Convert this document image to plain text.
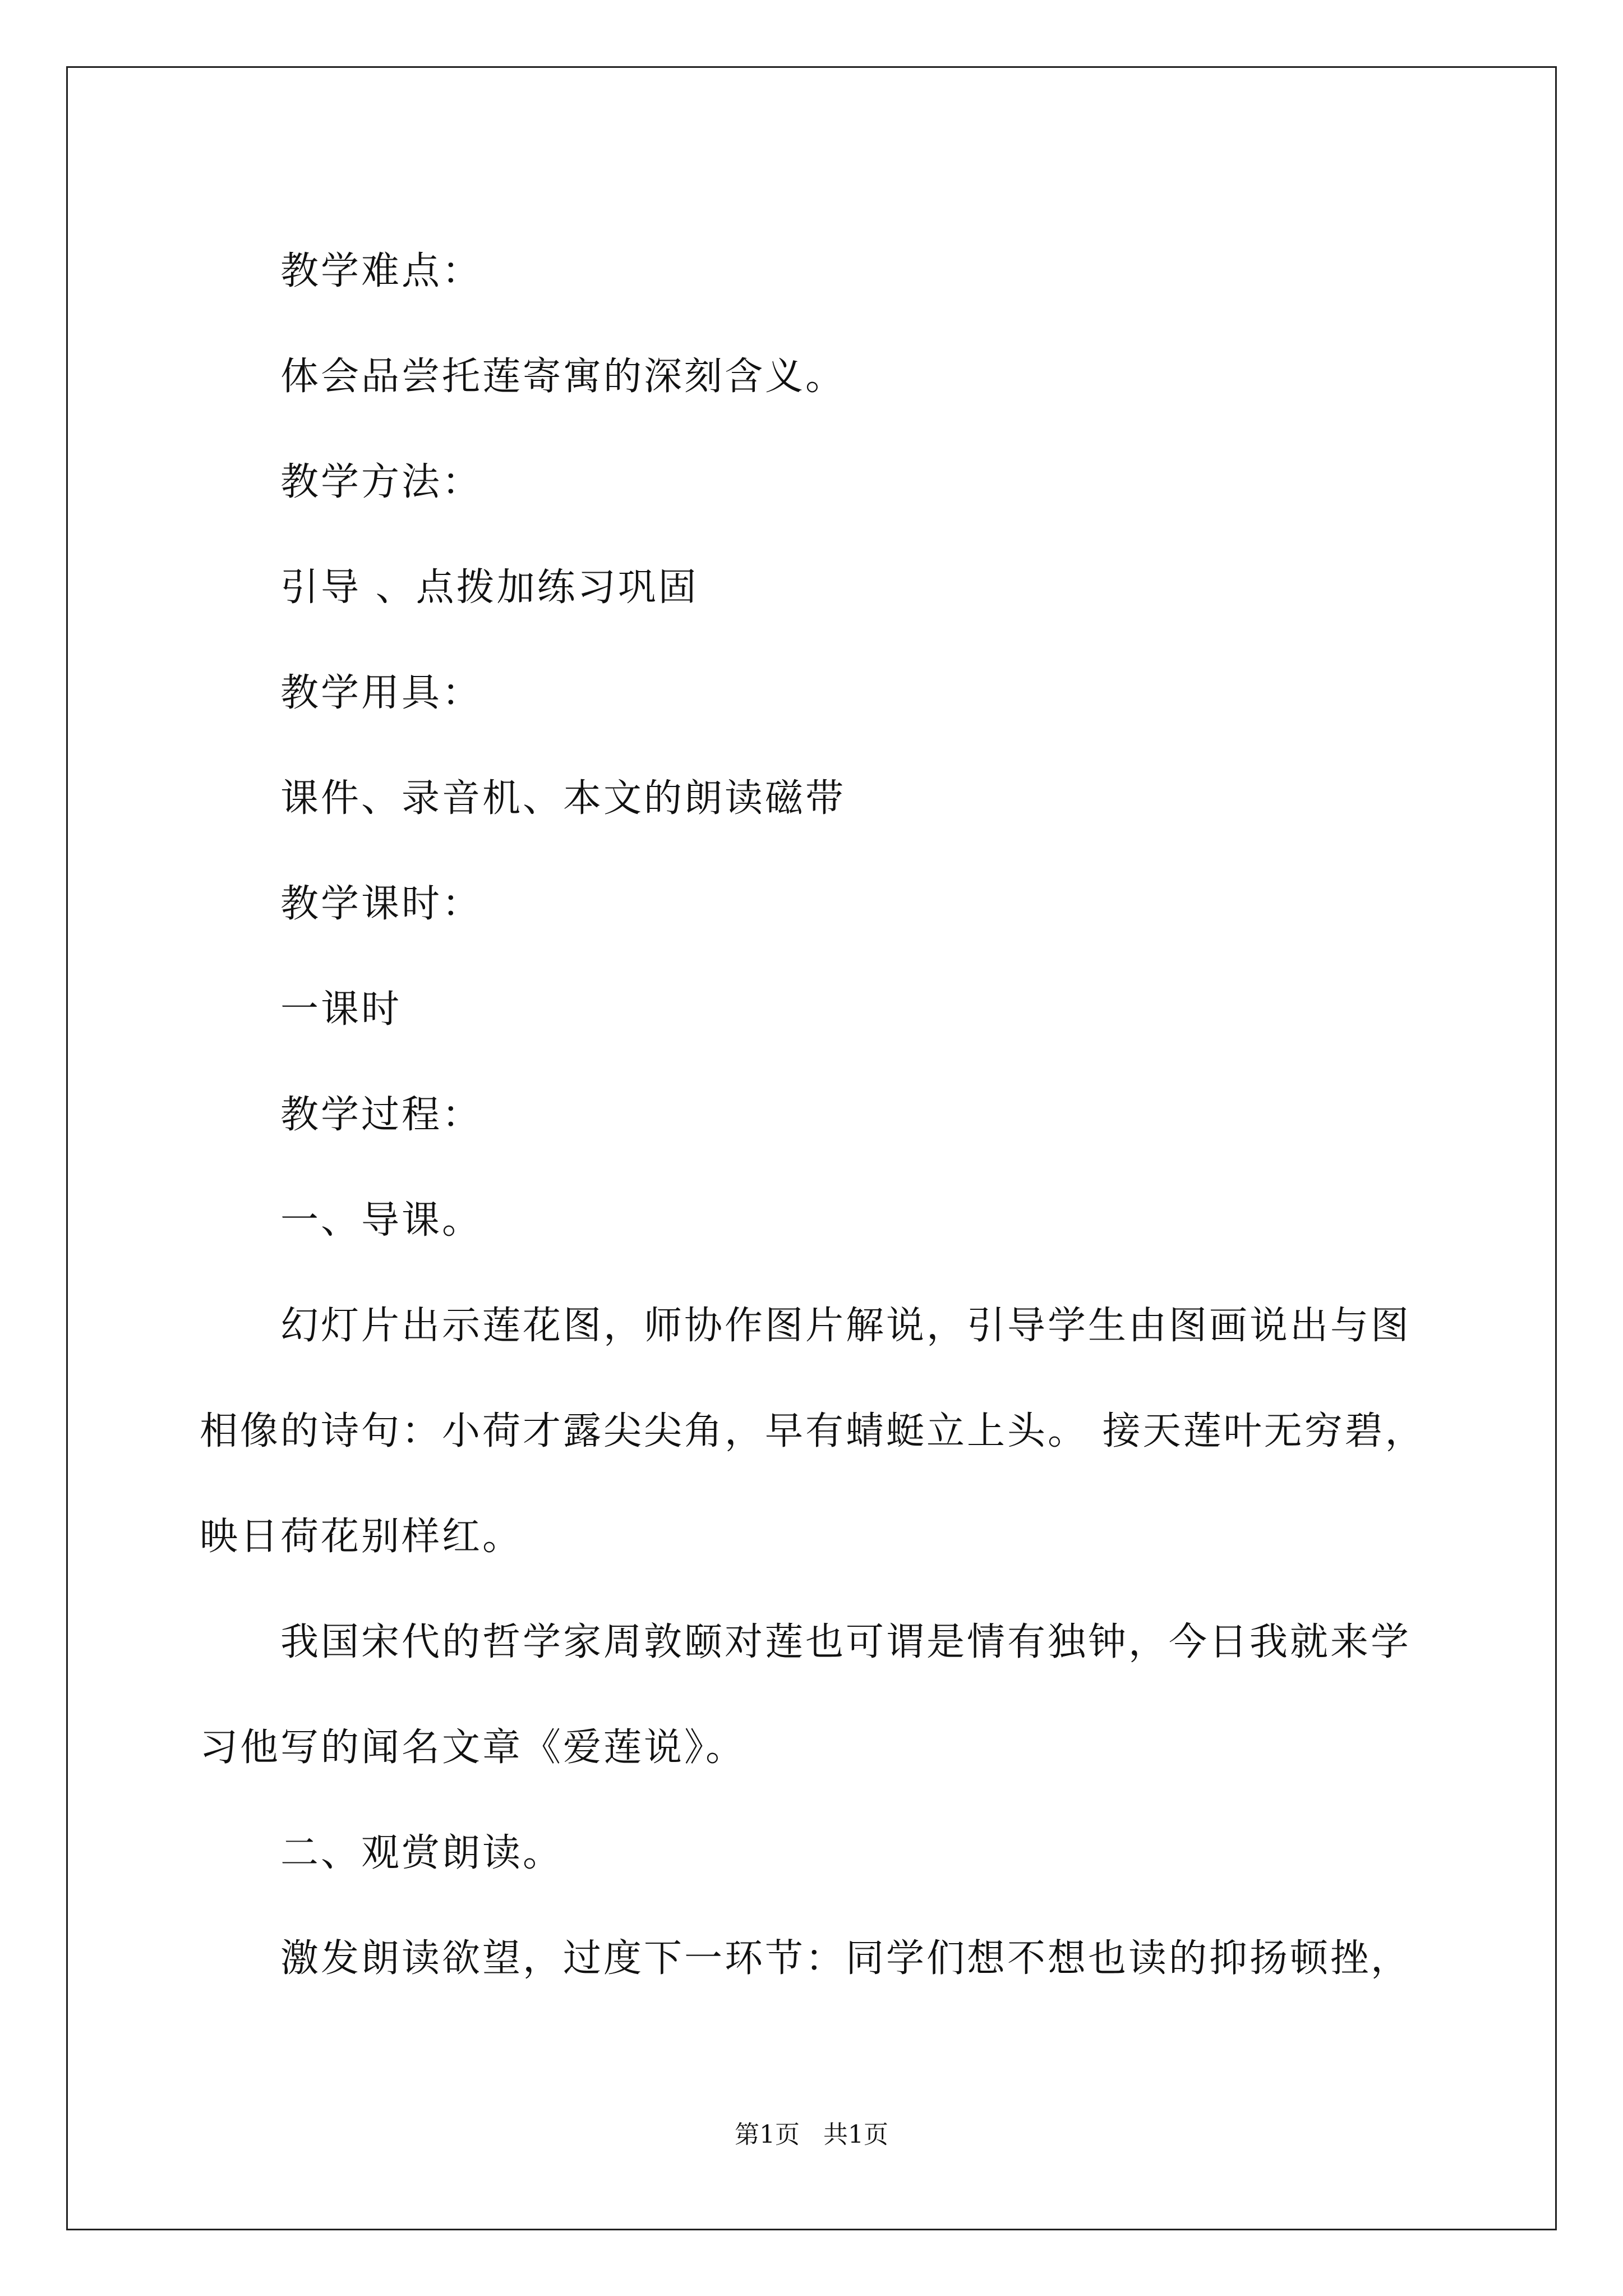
教学难点：
体会品尝托莲寄寓的深刻含义。
教学方法：
引导 、点拨加练习巩固
教学用具：
课件、录音机、本文的朗读磁带
教学课时：
一课时
教学过程：
一、导课。
幻灯片出示莲花图，师协作图片解说，引导学生由图画说出与图
相像的诗句：小荷才露尖尖角，早有蜻蜓立上头。 接天莲叶无穷碧，
映日荷花别样红。
我国宋代的哲学家周敦颐对莲也可谓是情有独钟，今日我就来学
习他写的闻名文章《爱莲说》。
二、观赏朗读。
激发朗读欲望，过度下一环节：同学们想不想也读的抑扬顿挫，
第1页   共1页
